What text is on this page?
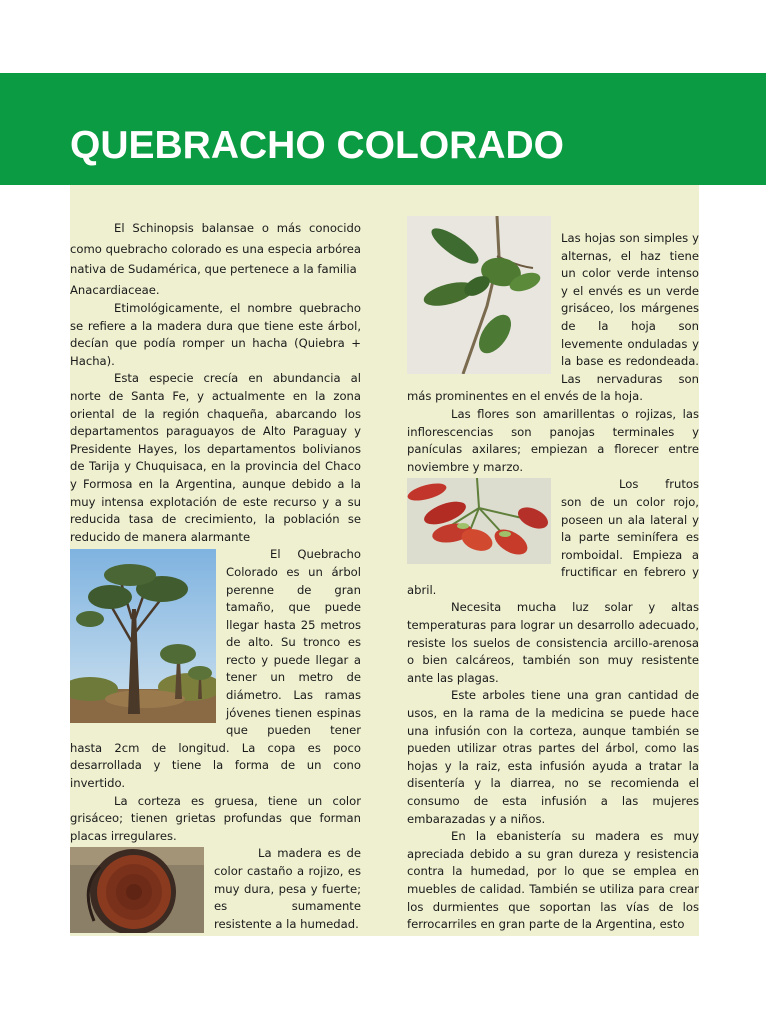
QUEBRACHO COLORADO

El Schinopsis balansae o más conocido como quebracho colorado es una especia arbórea nativa de Sudamérica, que pertenece a la familia
Anacardiaceae.

Etimológicamente, el nombre quebracho se refiere a la madera dura que tiene este árbol, decían que podía romper un hacha (Quiebra + Hacha).

Esta especie crecía en abundancia al norte de Santa Fe, y actualmente en la zona oriental de la región chaqueña, abarcando los departamentos paraguayos de Alto Paraguay y Presidente Hayes, los departamentos bolivianos de Tarija y Chuquisaca, en la provincia del Chaco y Formosa en la Argentina, aunque debido a la muy intensa explotación de este recurso y a su reducida tasa de crecimiento, la población se reducido de manera alarmante

El Quebracho Colorado es un árbol perenne de gran tamaño, que puede llegar hasta 25 metros de alto. Su tronco es recto y puede llegar a tener un metro de diámetro. Las ramas jóvenes tienen espinas que pueden tener hasta 2cm de longitud. La copa es poco desarrollada y tiene la forma de un cono invertido.

La corteza es gruesa, tiene un color grisáceo; tienen grietas profundas que forman placas irregulares.

La madera es de color castaño a rojizo, es muy dura, pesa y fuerte; es sumamente resistente a la humedad.

Las hojas son simples y alternas, el haz tiene un color verde intenso y el envés es un verde grisáceo, los márgenes de la hoja son levemente onduladas y la base es redondeada. Las nervaduras son más prominentes en el envés de la hoja.

Las flores son amarillentas o rojizas, las inflorescencias son panojas terminales y panículas axilares; empiezan a florecer entre noviembre y marzo.

Los frutos son de un color rojo, poseen un ala lateral y la parte seminífera es romboidal. Empieza a fructificar en febrero y abril.

Necesita mucha luz solar y altas temperaturas para lograr un desarrollo adecuado, resiste los suelos de consistencia arcillo-arenosa o bien calcáreos, también son muy resistente ante las plagas.

Este arboles tiene una gran cantidad de usos, en la rama de la medicina se puede hace una infusión con la corteza, aunque también se pueden utilizar otras partes del árbol, como las hojas y la raiz, esta infusión ayuda a tratar la disentería y la diarrea, no se recomienda el consumo de esta infusión a las mujeres embarazadas y a niños.

En la ebanistería su madera es muy apreciada debido a su gran dureza y resistencia contra la humedad, por lo que se emplea en muebles de calidad. También se utiliza para crear los durmientes que soportan las vías de los ferrocarriles en gran parte de la Argentina, esto
